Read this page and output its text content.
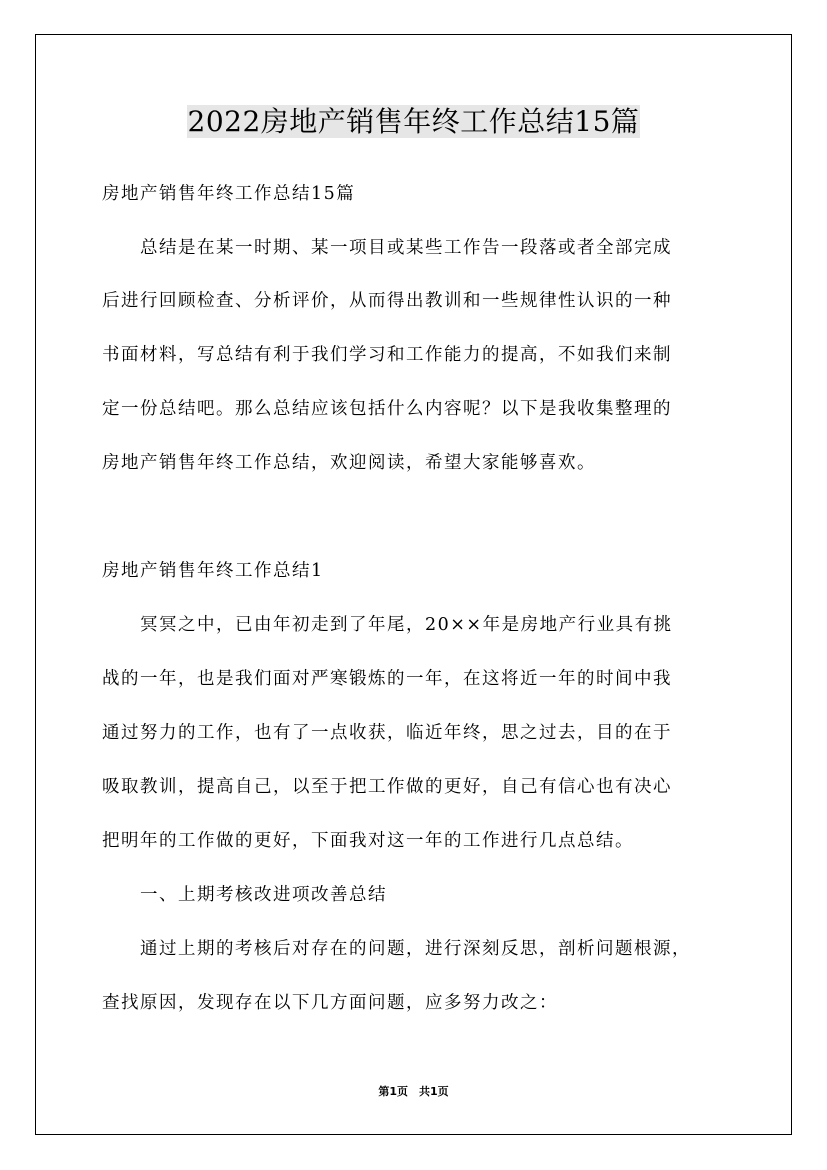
2022房地产销售年终工作总结15篇
房地产销售年终工作总结15篇
　　总结是在某一时期、某一项目或某些工作告一段落或者全部完成
后进行回顾检查、分析评价，从而得出教训和一些规律性认识的一种
书面材料，写总结有利于我们学习和工作能力的提高，不如我们来制
定一份总结吧。那么总结应该包括什么内容呢？以下是我收集整理的
房地产销售年终工作总结，欢迎阅读，希望大家能够喜欢。
房地产销售年终工作总结1
　　冥冥之中，已由年初走到了年尾，20××年是房地产行业具有挑
战的一年，也是我们面对严寒锻炼的一年，在这将近一年的时间中我
通过努力的工作，也有了一点收获，临近年终，思之过去，目的在于
吸取教训，提高自己，以至于把工作做的更好，自己有信心也有决心
把明年的工作做的更好，下面我对这一年的工作进行几点总结。
　　一、上期考核改进项改善总结
　　通过上期的考核后对存在的问题，进行深刻反思，剖析问题根源，
查找原因，发现存在以下几方面问题，应多努力改之：
第1页　共1页
